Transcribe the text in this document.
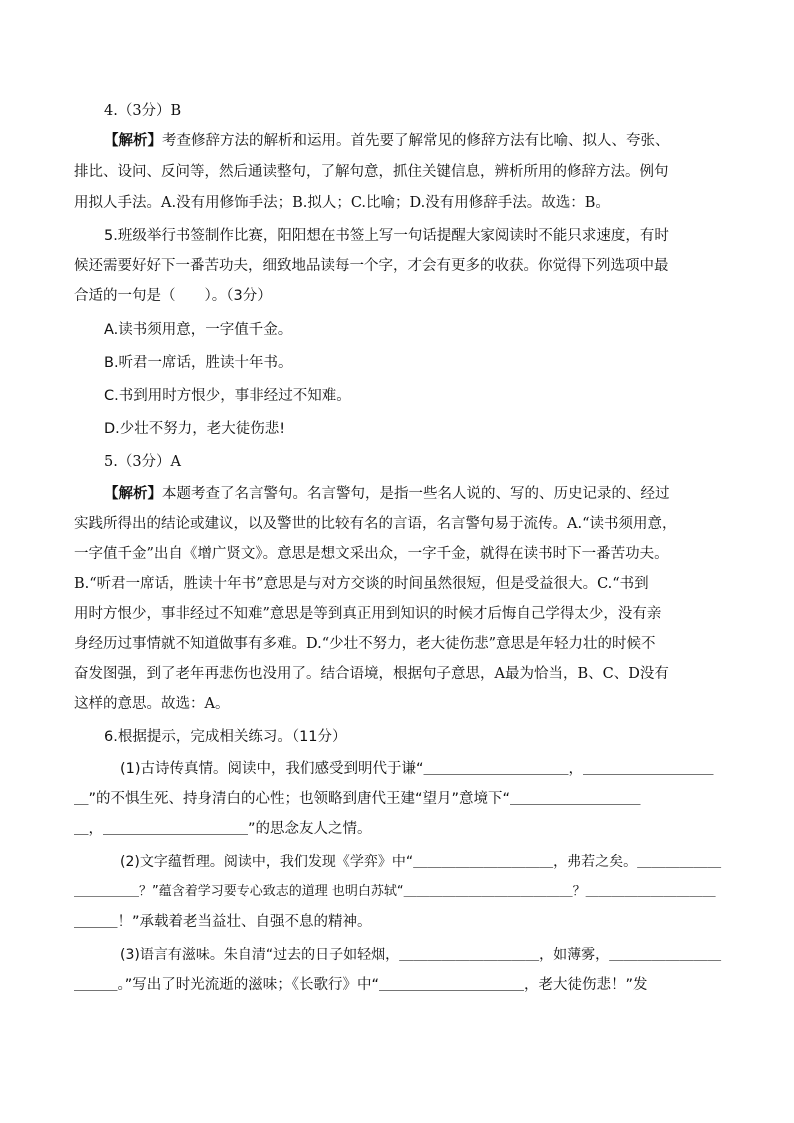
4.（3分）B
【解析】考查修辞方法的解析和运用。首先要了解常见的修辞方法有比喻、拟人、夸张、
排比、设问、反问等，然后通读整句，了解句意，抓住关键信息，辨析所用的修辞方法。例句
用拟人手法。A.没有用修饰手法；B.拟人；C.比喻；D.没有用修辞手法。故选：B。
5.班级举行书签制作比赛，阳阳想在书签上写一句话提醒大家阅读时不能只求速度，有时
候还需要好好下一番苦功夫，细致地品读每一个字，才会有更多的收获。你觉得下列选项中最
合适的一句是（　　）。（3分）
A.读书须用意，一字值千金。
B.听君一席话，胜读十年书。
C.书到用时方恨少，事非经过不知难。
D.少壮不努力，老大徒伤悲!
5.（3分）A
【解析】本题考查了名言警句。名言警句，是指一些名人说的、写的、历史记录的、经过
实践所得出的结论或建议，以及警世的比较有名的言语，名言警句易于流传。A.“读书须用意，
一字值千金”出自《增广贤文》。意思是想文采出众，一字千金，就得在读书时下一番苦功夫。
B.“听君一席话，胜读十年书”意思是与对方交谈的时间虽然很短，但是受益很大。C.“书到
用时方恨少，事非经过不知难”意思是等到真正用到知识的时候才后悔自己学得太少，没有亲
身经历过事情就不知道做事有多难。D.“少壮不努力，老大徒伤悲”意思是年轻力壮的时候不
奋发图强，到了老年再悲伤也没用了。结合语境，根据句子意思，A最为恰当，B、C、D没有
这样的意思。故选：A。
6.根据提示，完成相关练习。（11分）
(1)古诗传真情。阅读中，我们感受到明代于谦“＿＿＿＿＿＿＿＿＿＿，＿＿＿＿＿＿＿＿＿
＿”的不惧生死、持身清白的心性；也领略到唐代王建“望月”意境下“＿＿＿＿＿＿＿＿＿
＿，＿＿＿＿＿＿＿＿＿＿”的思念友人之情。
(2)文字蕴哲理。阅读中，我们发现《学弈》中“＿＿＿＿＿＿＿＿＿＿，弗若之矣。＿＿＿＿＿＿
＿＿＿＿＿？”蕴含着学习要专心致志的道理 也明白苏轼“＿＿＿＿＿＿＿＿＿＿＿＿＿？＿＿＿＿＿＿＿＿＿＿
＿＿＿！”承载着老当益壮、自强不息的精神。
(3)语言有滋味。朱自清“过去的日子如轻烟，＿＿＿＿＿＿＿＿＿＿，如薄雾，＿＿＿＿＿＿＿＿
＿＿＿。”写出了时光流逝的滋味；《长歌行》中“＿＿＿＿＿＿＿＿＿＿，老大徒伤悲！”发
